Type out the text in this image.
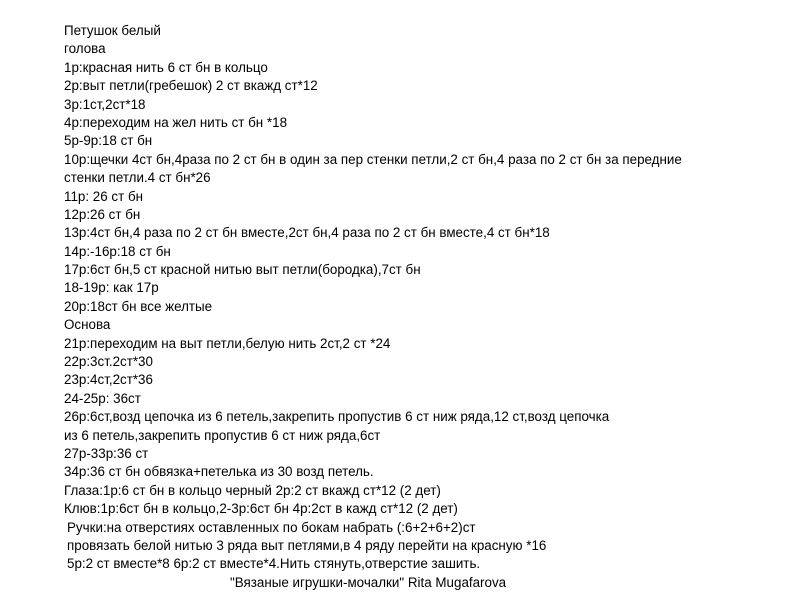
Петушок белый
голова
1р:красная нить 6 ст бн в кольцо
2р:выт петли(гребешок) 2 ст вкажд ст*12
3р:1ст,2ст*18
4р:переходим на жел нить ст бн *18
5р-9р:18 ст бн
10р:щечки 4ст бн,4раза по 2 ст бн в один за пер стенки петли,2 ст бн,4 раза по 2 ст бн за передние
стенки петли.4 ст бн*26
11р: 26 ст бн
12р:26 ст бн
13р:4ст бн,4 раза по 2 ст бн вместе,2ст бн,4 раза по 2 ст бн вместе,4 ст бн*18
14р:-16р:18 ст бн
17р:6ст бн,5 ст красной нитью выт петли(бородка),7ст бн
18-19р: как 17р
20р:18ст бн все желтые
Основа
21р:переходим на выт петли,белую нить 2ст,2 ст *24
22р:3ст.2ст*30
23р:4ст,2ст*36
24-25р: 36ст
26р:6ст,возд цепочка из 6 петель,закрепить пропустив 6 ст ниж ряда,12 ст,возд цепочка
из 6 петель,закрепить пропустив 6 ст ниж ряда,6ст
27р-33р:36 ст
34р:36 ст бн обвязка+петелька из 30 возд петель.
Глаза:1р:6 ст бн в кольцо черный 2р:2 ст вкажд ст*12 (2 дет)
Клюв:1р:6ст бн в кольцо,2-3р:6ст бн 4р:2ст в кажд ст*12 (2 дет)
Ручки:на отверстиях оставленных по бокам набрать (:6+2+6+2)ст
провязать белой нитью 3 ряда выт петлями,в 4 ряду перейти на красную *16
5р:2 ст вместе*8 6р:2 ст вместе*4.Нить стянуть,отверстие зашить.
"Вязаные игрушки-мочалки" Rita Mugafarova
